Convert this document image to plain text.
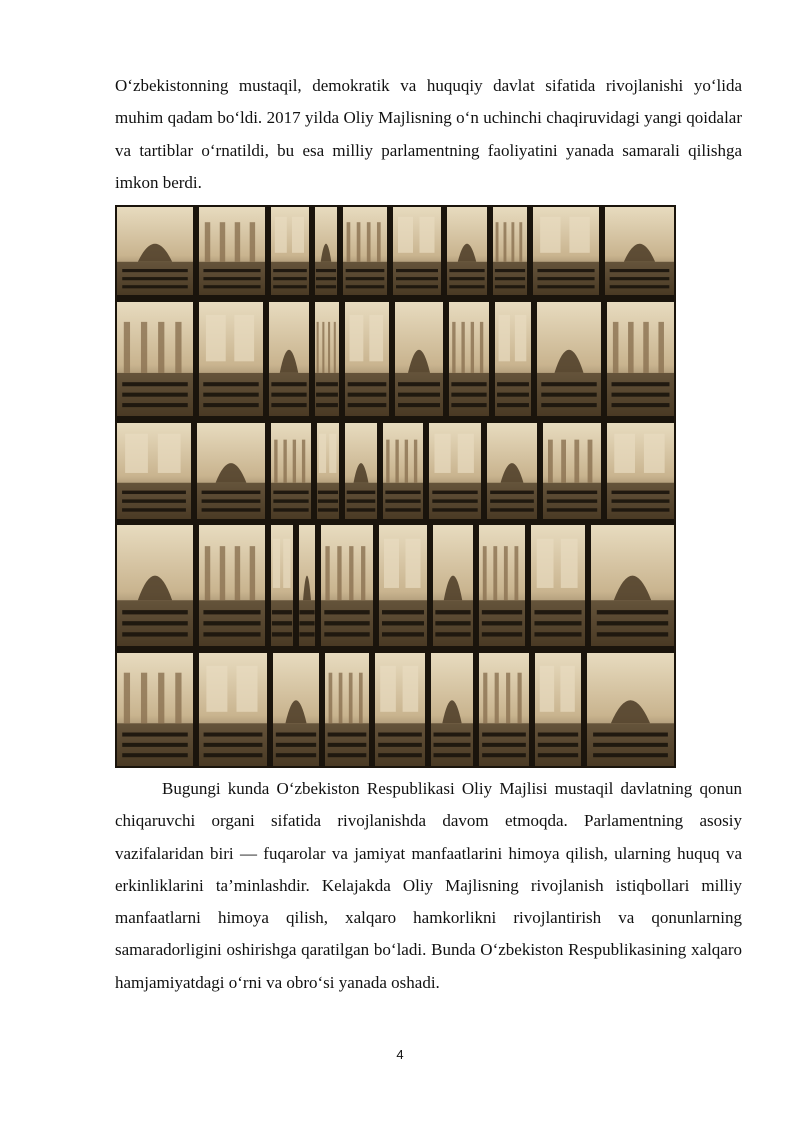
O‘zbekistonning mustaqil, demokratik va huquqiy davlat sifatida rivojlanishi yo‘lida muhim qadam bo‘ldi. 2017 yilda Oliy Majlisning o‘n uchinchi chaqiruvidagi yangi qoidalar va tartiblar o‘rnatildi, bu esa milliy parlamentning faoliyatini yanada samarali qilishga imkon berdi.

Bugungi kunda O‘zbekiston Respublikasi Oliy Majlisi mustaqil davlatning qonun chiqaruvchi organi sifatida rivojlanishda davom etmoqda. Parlamentning asosiy vazifalaridan biri — fuqarolar va jamiyat manfaatlarini himoya qilish, ularning huquq va erkinliklarini ta’minlashdir. Kelajakda Oliy Majlisning rivojlanish istiqbollari milliy manfaatlarni himoya qilish, xalqaro hamkorlikni rivojlantirish va qonunlarning samaradorligini oshirishga qaratilgan bo‘ladi. Bunda O‘zbekiston Respublikasining xalqaro hamjamiyatdagi o‘rni va obro‘si yanada oshadi.

4
